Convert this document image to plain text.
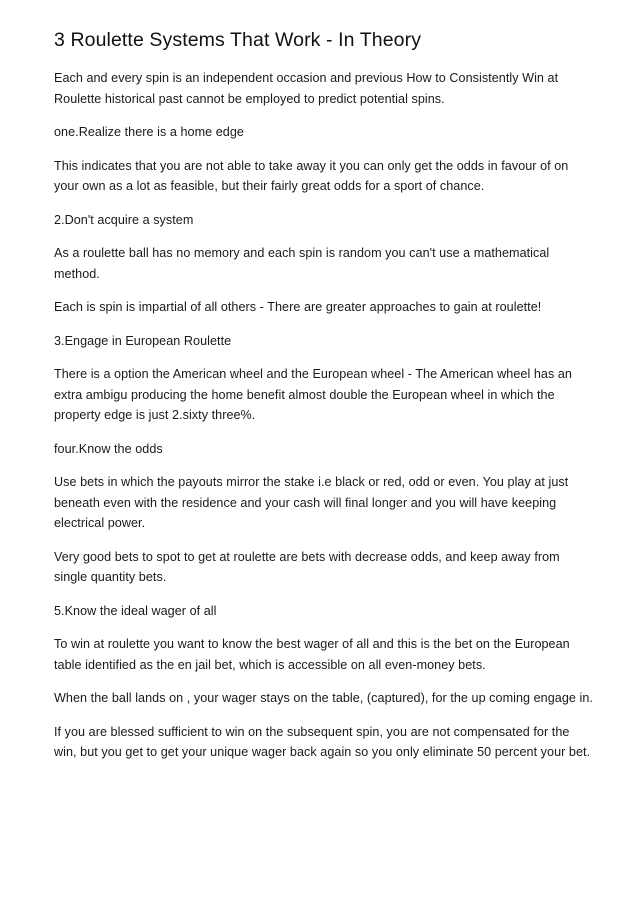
3 Roulette Systems That Work - In Theory

Each and every spin is an independent occasion and previous How to Consistently Win at Roulette historical past cannot be employed to predict potential spins.

one.Realize there is a home edge

This indicates that you are not able to take away it you can only get the odds in favour of on your own as a lot as feasible, but their fairly great odds for a sport of chance.

2.Don't acquire a system

As a roulette ball has no memory and each spin is random you can't use a mathematical method.

Each is spin is impartial of all others - There are greater approaches to gain at roulette!

3.Engage in European Roulette

There is a option the American wheel and the European wheel - The American wheel has an extra ambigu producing the home benefit almost double the European wheel in which the property edge is just 2.sixty three%.

four.Know the odds

Use bets in which the payouts mirror the stake i.e black or red, odd or even. You play at just beneath even with the residence and your cash will final longer and you will have keeping electrical power.

Very good bets to spot to get at roulette are bets with decrease odds, and keep away from single quantity bets.

5.Know the ideal wager of all

To win at roulette you want to know the best wager of all and this is the bet on the European table identified as the en jail bet, which is accessible on all even-money bets.

When the ball lands on , your wager stays on the table, (captured), for the up coming engage in.

If you are blessed sufficient to win on the subsequent spin, you are not compensated for the win, but you get to get your unique wager back again so you only eliminate 50 percent your bet.
